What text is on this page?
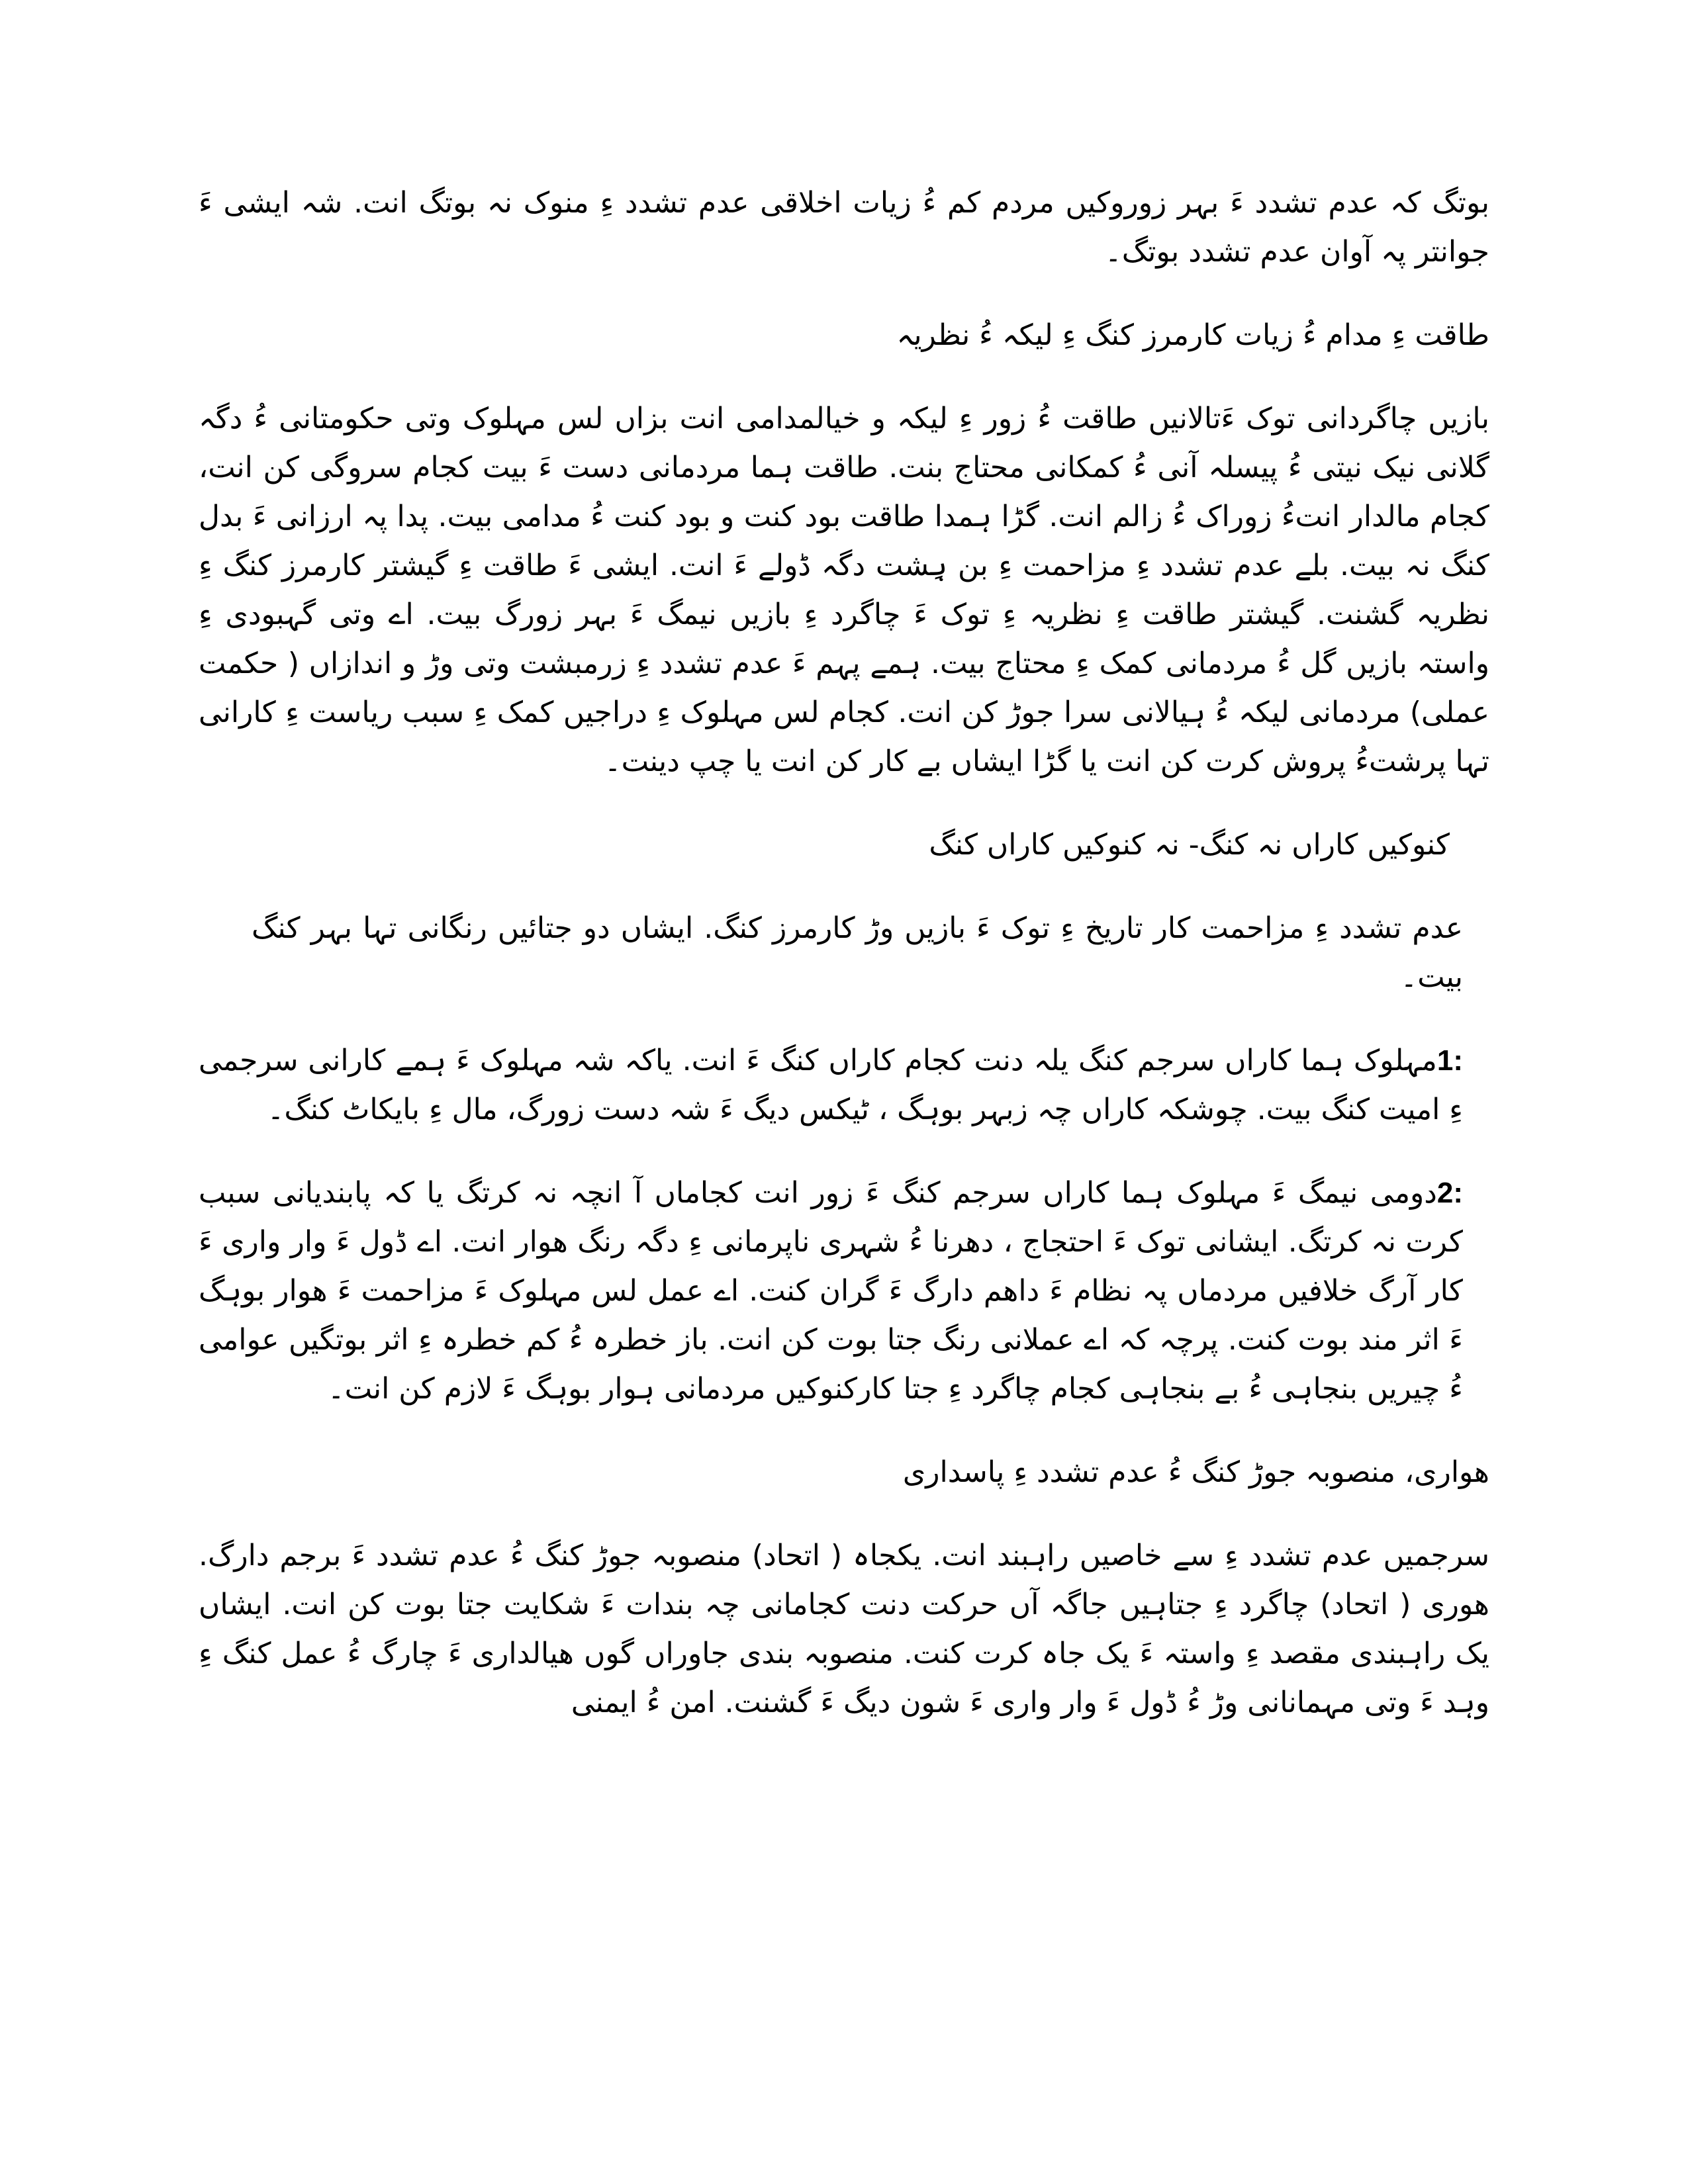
بوتگ کہ عدم تشدد ءَ بہر زوروکیں مردم کم ءُ زیات اخلاقی عدم تشدد ءِ منوک نہ بوتگ انت. شہ ایشی ءَ جوانتر پہ آوان عدم تشدد بوتگ۔

طاقت ءِ مدام ءُ زیات کارمرز کنگ ءِ لیکہ ءُ نظریہ

بازیں چاگردانی توک ءَتالانیں طاقت ءُ زور ءِ لیکہ و خیالمدامی انت بزاں لس مہلوک وتی حکومتانی ءُ دگہ گلانی نیک نیتی ءُ پیسلہ آنی ءُ کمکانی محتاج بنت. طاقت ہما مردمانی دست ءَ بیت کجام سروگی کن انت، کجام مالدار انتءُ زوراک ءُ زالم انت. گڑا ہمدا طاقت بود کنت و بود کنت ءُ مدامی بیت. پدا پہ ارزانی ءَ بدل کنگ نہ بیت. بلے عدم تشدد ءِ مزاحمت ءِ بن ہِشت دگہ ڈولے ءَ انت. ایشی ءَ طاقت ءِ گیشتر کارمرز کنگ ءِ نظریہ گشنت. گیشتر طاقت ءِ نظریہ ءِ توک ءَ چاگرد ءِ بازیں نیمگ ءَ بہر زورگ بیت. اے وتی گہبودی ءِ واستہ بازیں گل ءُ مردمانی کمک ءِ محتاج بیت. ہمے پہم ءَ عدم تشدد ءِ زرمبشت وتی وڑ و اندازاں ( حکمت عملی) مردمانی لیکہ ءُ ہیالانی سرا جوڑ کن انت. کجام لس مہلوک ءِ دراجیں کمک ءِ سبب ریاست ءِ کارانی تہا پرشتءُ پروش کرت کن انت یا گڑا ایشاں بے کار کن انت یا چپ دینت۔

کنوکیں کاراں نہ کنگ- نہ کنوکیں کاراں کنگ

عدم تشدد ءِ مزاحمت کار تاریخ ءِ توک ءَ بازیں وڑ کارمرز کنگ. ایشاں دو جتائیں رنگانی تہا بہر کنگ بیت۔

1:مہلوک ہما کاراں سرجم کنگ یلہ دنت کجام کاراں کنگ ءَ انت. یاکہ شہ مہلوک ءَ ہمے کارانی سرجمی ءِ امیت کنگ بیت. چوشکہ کاراں چہ زبہر بوہگ ، ٹیکس دیگ ءَ شہ دست زورگ، مال ءِ بایکاٹ کنگ۔

2:دومی نیمگ ءَ مہلوک ہما کاراں سرجم کنگ ءَ زور انت کجاماں آ انچہ نہ کرتگ یا کہ پابندیانی سبب کرت نہ کرتگ. ایشانی توک ءَ احتجاج ، دھرنا ءُ شہری ناپرمانی ءِ دگہ رنگ هوار انت. اے ڈول ءَ وار واری ءَ کار آرگ خلافیں مردماں پہ نظام ءَ داهم دارگ ءَ گران کنت. اے عمل لس مہلوک ءَ مزاحمت ءَ هوار بوہگ ءَ اثر مند بوت کنت. پرچہ کہ اے عملانی رنگ جتا بوت کن انت. باز خطرہ ءُ کم خطرہ ءِ اثر بوتگیں عوامی ءُ چیریں بنجاہی ءُ بے بنجاہی کجام چاگرد ءِ جتا کارکنوکیں مردمانی ہوار بوہگ ءَ لازم کن انت۔

هواری، منصوبہ جوڑ کنگ ءُ عدم تشدد ءِ پاسداری

سرجمیں عدم تشدد ءِ سے خاصیں راہبند انت. یکجاہ ( اتحاد) منصوبہ جوڑ کنگ ءُ عدم تشدد ءَ برجم دارگ. هوری ( اتحاد) چاگرد ءِ جتاہیں جاگہ آں حرکت دنت کجامانی چہ بندات ءَ شکایت جتا بوت کن انت. ایشاں یک راہبندی مقصد ءِ واستہ ءَ یک جاہ کرت کنت. منصوبہ بندی جاوراں گوں هیالداری ءَ چارگ ءُ عمل کنگ ءِ وہد ءَ وتی مہمانانی وڑ ءُ ڈول ءَ وار واری ءَ شون دیگ ءَ گشنت. امن ءُ ایمنی
